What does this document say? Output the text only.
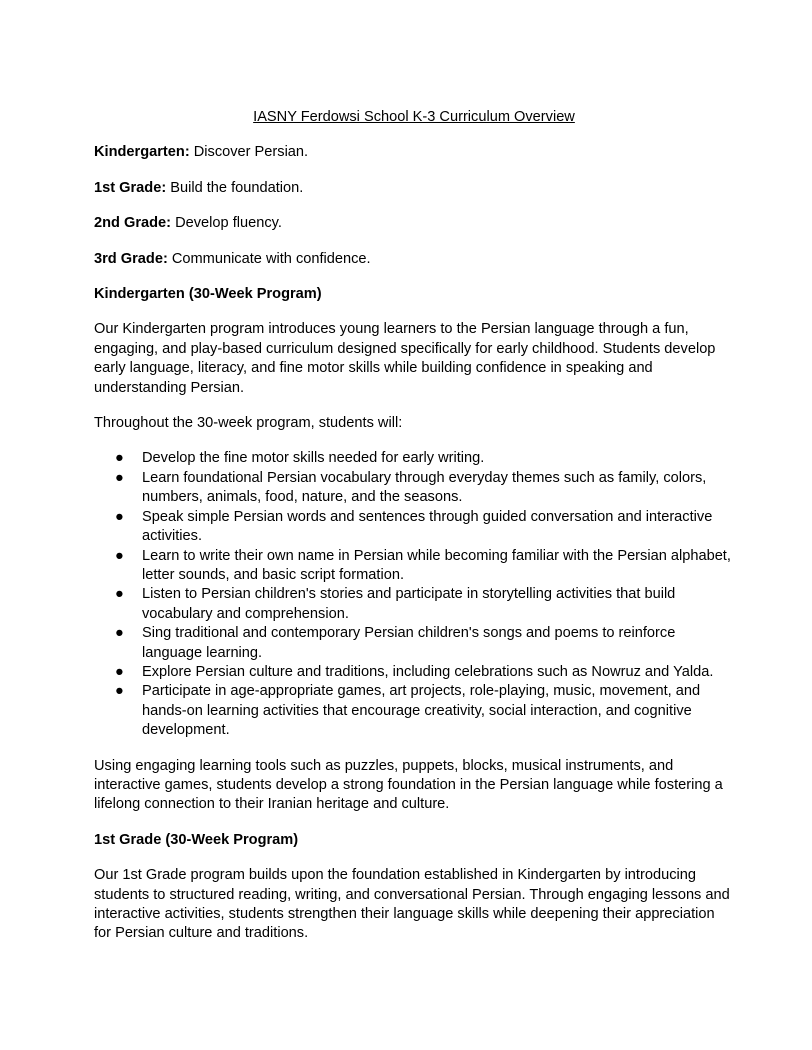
IASNY Ferdowsi School K-3 Curriculum Overview

Kindergarten: Discover Persian.

1st Grade: Build the foundation.

2nd Grade: Develop fluency.

3rd Grade: Communicate with confidence.

Kindergarten (30-Week Program)

Our Kindergarten program introduces young learners to the Persian language through a fun, engaging, and play-based curriculum designed specifically for early childhood. Students develop early language, literacy, and fine motor skills while building confidence in speaking and understanding Persian.

Throughout the 30-week program, students will:

● Develop the fine motor skills needed for early writing.
● Learn foundational Persian vocabulary through everyday themes such as family, colors, numbers, animals, food, nature, and the seasons.
● Speak simple Persian words and sentences through guided conversation and interactive activities.
● Learn to write their own name in Persian while becoming familiar with the Persian alphabet, letter sounds, and basic script formation.
● Listen to Persian children's stories and participate in storytelling activities that build vocabulary and comprehension.
● Sing traditional and contemporary Persian children's songs and poems to reinforce language learning.
● Explore Persian culture and traditions, including celebrations such as Nowruz and Yalda.
● Participate in age-appropriate games, art projects, role-playing, music, movement, and hands-on learning activities that encourage creativity, social interaction, and cognitive development.

Using engaging learning tools such as puzzles, puppets, blocks, musical instruments, and interactive games, students develop a strong foundation in the Persian language while fostering a lifelong connection to their Iranian heritage and culture.

1st Grade (30-Week Program)

Our 1st Grade program builds upon the foundation established in Kindergarten by introducing students to structured reading, writing, and conversational Persian. Through engaging lessons and interactive activities, students strengthen their language skills while deepening their appreciation for Persian culture and traditions.
